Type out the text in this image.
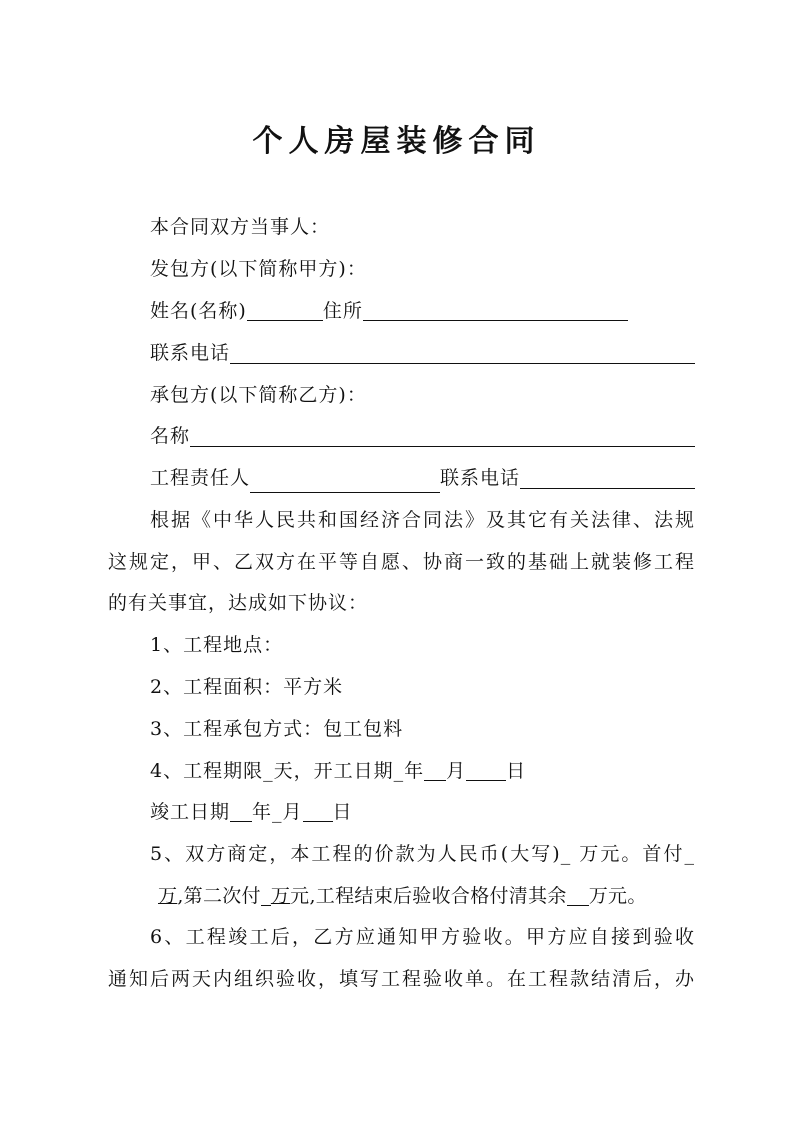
个人房屋装修合同
本合同双方当事人：
发包方(以下简称甲方)：
姓名(名称)	住所
联系电话
承包方(以下简称乙方)：
名称
工程责任人	联系电话
根据《中华人民共和国经济合同法》及其它有关法律、法规
这规定，甲、乙双方在平等自愿、协商一致的基础上就装修工程
的有关事宜，达成如下协议：
1、工程地点：
2、工程面积：平方米
3、工程承包方式：包工包料
4、工程期限_天，开工日期_年 月 日
竣工日期 年_月 日
5、双方商定，本工程的价款为人民币(大写)_ 万元。首付_
万,第二次付 万元,工程结束后验收合格付清其余 万元。
6、工程竣工后，乙方应通知甲方验收。甲方应自接到验收
通知后两天内组织验收，填写工程验收单。在工程款结清后，办
